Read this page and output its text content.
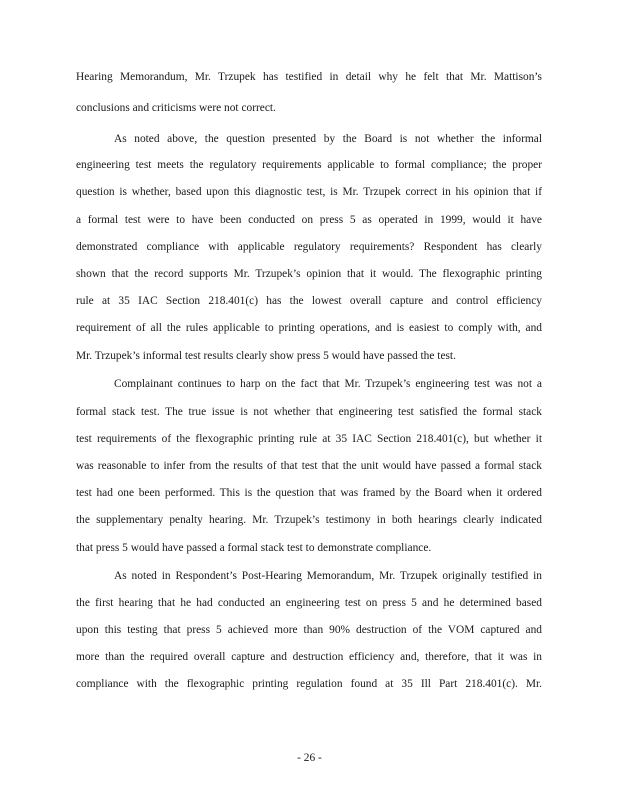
Hearing Memorandum, Mr. Trzupek has testified in detail why he felt that Mr. Mattison’s
conclusions and criticisms were not correct.
As noted above, the question presented by the Board is not whether the informal
engineering test meets the regulatory requirements applicable to formal compliance; the proper
question is whether, based upon this diagnostic test, is Mr. Trzupek correct in his opinion that if
a formal test were to have been conducted on press 5 as operated in 1999, would it have
demonstrated compliance with applicable regulatory requirements? Respondent has clearly
shown that the record supports Mr. Trzupek’s opinion that it would. The flexographic printing
rule at 35 IAC Section 218.401(c) has the lowest overall capture and control efficiency
requirement of all the rules applicable to printing operations, and is easiest to comply with, and
Mr. Trzupek’s informal test results clearly show press 5 would have passed the test.
Complainant continues to harp on the fact that Mr. Trzupek’s engineering test was not a
formal stack test. The true issue is not whether that engineering test satisfied the formal stack
test requirements of the flexographic printing rule at 35 IAC Section 218.401(c), but whether it
was reasonable to infer from the results of that test that the unit would have passed a formal stack
test had one been performed. This is the question that was framed by the Board when it ordered
the supplementary penalty hearing. Mr. Trzupek’s testimony in both hearings clearly indicated
that press 5 would have passed a formal stack test to demonstrate compliance.
As noted in Respondent’s Post-Hearing Memorandum, Mr. Trzupek originally testified in
the first hearing that he had conducted an engineering test on press 5 and he determined based
upon this testing that press 5 achieved more than 90% destruction of the VOM captured and
more than the required overall capture and destruction efficiency and, therefore, that it was in
compliance with the flexographic printing regulation found at 35 Ill Part 218.401(c). Mr.
- 26 -
